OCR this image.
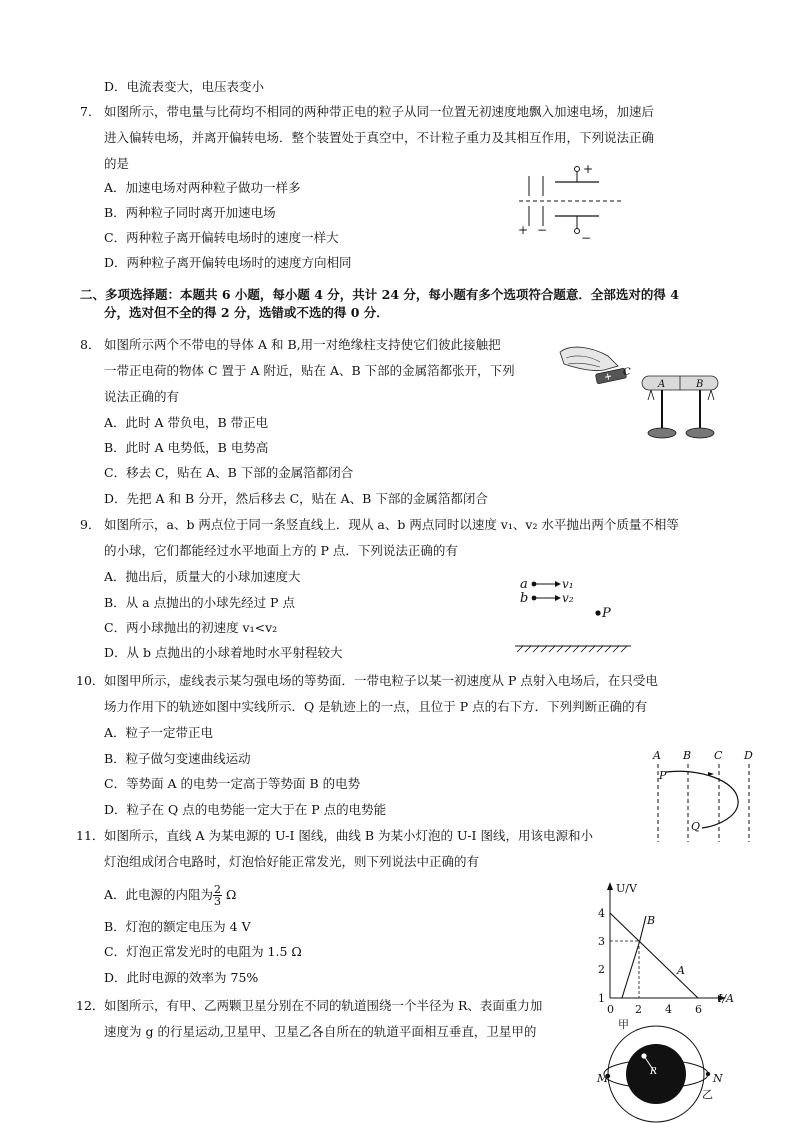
D．电流表变大，电压表变小
7． 如图所示，带电量与比荷均不相同的两种带正电的粒子从同一位置无初速度地飘入加速电场，加速后
进入偏转电场，并离开偏转电场．整个装置处于真空中，不计粒子重力及其相互作用，下列说法正确
的是
A．加速电场对两种粒子做功一样多
B．两种粒子同时离开加速电场
C．两种粒子离开偏转电场时的速度一样大
D．两种粒子离开偏转电场时的速度方向相同
+
+ −
−
二、多项选择题：本题共 6 小题，每小题 4 分，共计 24 分，每小题有多个选项符合题意．全部选对的得 4
分，选对但不全的得 2 分，选错或不选的得 0 分．
8． 如图所示两个不带电的导体 A 和 B,用一对绝缘柱支持使它们彼此接触把
一带正电荷的物体 C 置于 A 附近，贴在 A、B 下部的金属箔都张开，下列
说法正确的有
A．此时 A 带负电，B 带正电
B．此时 A 电势低，B 电势高
C．移去 C，贴在 A、B 下部的金属箔都闭合
D．先把 A 和 B 分开，然后移去 C，贴在 A、B 下部的金属箔都闭合
C
A	B
9． 如图所示，a、b 两点位于同一条竖直线上．现从 a、b 两点同时以速度 v₁、v₂ 水平抛出两个质量不相等
的小球，它们都能经过水平地面上方的 P 点．下列说法正确的有
A．抛出后，质量大的小球加速度大
B．从 a 点抛出的小球先经过 P 点
C．两小球抛出的初速度 v₁<v₂
D．从 b 点抛出的小球着地时水平射程较大
a	v₁
b	v₂
P
10． 如图甲所示，虚线表示某匀强电场的等势面．一带电粒子以某一初速度从 P 点射入电场后，在只受电
场力作用下的轨迹如图中实线所示．Q 是轨迹上的一点，且位于 P 点的右下方．下列判断正确的有
A．粒子一定带正电
B．粒子做匀变速曲线运动
C．等势面 A 的电势一定高于等势面 B 的电势
D．粒子在 Q 点的电势能一定大于在 P 点的电势能
A B C D
P
Q
11． 如图所示，直线 A 为某电源的 U-I 图线，曲线 B 为某小灯泡的 U-I 图线，用该电源和小
灯泡组成闭合电路时，灯泡恰好能正常发光，则下列说法中正确的有
A．此电源的内阻为 $\frac{2}{3}$ Ω
B．灯泡的额定电压为 4 V
C．灯泡正常发光时的电阻为 1.5 Ω
D．此时电源的效率为 75%
U/V
I/A
1
2
3
4
0 2 4 6
B
A
12． 如图所示，有甲、乙两颗卫星分别在不同的轨道围绕一个半径为 R、表面重力加
速度为 g 的行星运动,卫星甲、卫星乙各自所在的轨道平面相互垂直，卫星甲的	甲
R
M	N
乙
